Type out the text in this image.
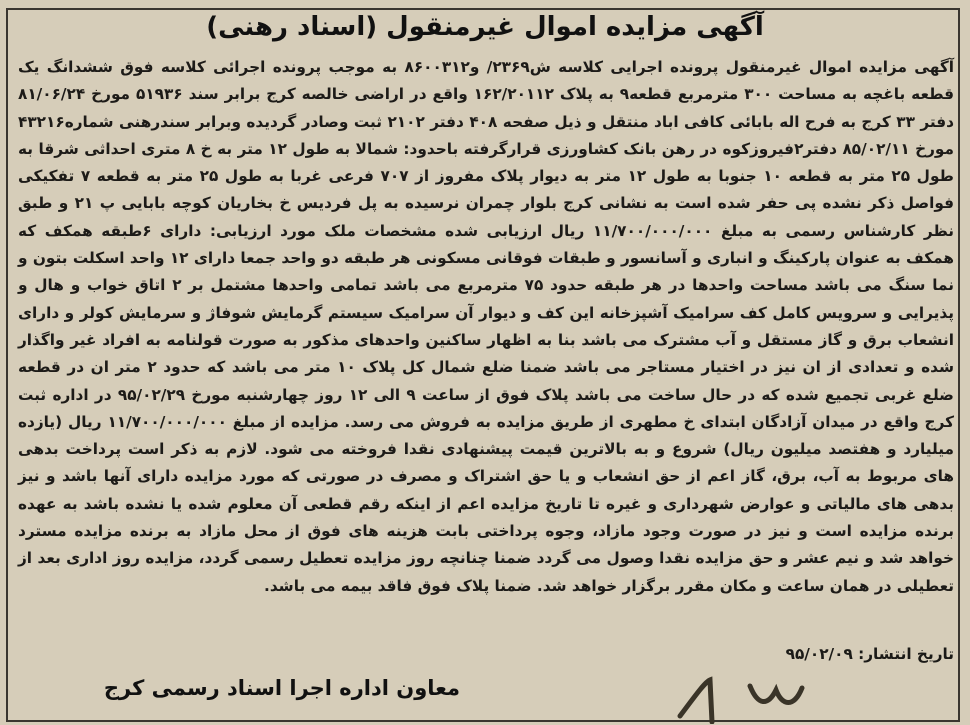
آگهی مزایده اموال غیرمنقول (اسناد رهنی)

آگهی مزایده اموال غیرمنقول پرونده اجرایی کلاسه ش۲۳۶۹/ و۸۶۰۰۳۱۲ به موجب پرونده اجرائی کلاسه فوق ششدانگ یک قطعه باغچه به مساحت ۳۰۰ مترمربع قطعه۹ به پلاک ۱۶۲/۲۰۱۱۲ واقع در اراضی خالصه کرج برابر سند ۵۱۹۳۶ مورخ ۸۱/۰۶/۲۴ دفتر ۳۳ کرج به فرح اله بابائی کافی اباد منتقل و ذیل صفحه ۴۰۸ دفتر ۲۱۰۲ ثبت وصادر گردیده وبرابر سندرهنی شماره۴۳۲۱۶ مورخ ۸۵/۰۲/۱۱ دفتر۲فیروزکوه در رهن بانک کشاورزی قرارگرفته باحدود: شمالا به طول ۱۲ متر به خ ۸ متری احداثی شرقا به طول ۲۵ متر به قطعه ۱۰ جنوبا به طول ۱۲ متر به دیوار پلاک مفروز از ۷۰۷ فرعی غربا به طول ۲۵ متر به قطعه ۷ تفکیکی فواصل ذکر نشده پی حفر شده است به نشانی کرج بلوار چمران نرسیده به پل فردیس خ بخاریان کوچه بابایی پ ۲۱ و طبق نظر کارشناس رسمی به مبلغ ۱۱/۷۰۰/۰۰۰/۰۰۰ ریال ارزیابی شده مشخصات ملک مورد ارزیابی: دارای ۶طبقه همکف که همکف به عنوان پارکینگ و انباری و آسانسور و طبقات فوقانی مسکونی هر طبقه دو واحد جمعا دارای ۱۲ واحد اسکلت بتون و نما سنگ می باشد مساحت واحدها در هر طبقه حدود ۷۵ مترمربع می باشد تمامی واحدها مشتمل بر ۲ اتاق خواب و هال و پذیرایی و سرویس کامل کف سرامیک آشپزخانه این کف و دیوار آن سرامیک سیستم گرمایش شوفاژ و سرمایش کولر و دارای انشعاب برق و گاز مستقل و آب مشترک می باشد بنا به اظهار ساکنین واحدهای مذکور به صورت قولنامه به افراد غیر واگذار شده و تعدادی از ان نیز در اختیار مستاجر می باشد ضمنا ضلع شمال کل پلاک ۱۰ متر می باشد که حدود ۲ متر ان در قطعه ضلع غربی تجمیع شده که در حال ساخت می باشد پلاک فوق از ساعت ۹ الی ۱۲ روز چهارشنبه مورخ ۹۵/۰۲/۲۹ در اداره ثبت کرج واقع در میدان آزادگان ابتدای خ مطهری از طریق مزایده به فروش می رسد. مزایده از مبلغ ۱۱/۷۰۰/۰۰۰/۰۰۰ ریال (یازده میلیارد و هفتصد میلیون ریال) شروع و به بالاترین قیمت پیشنهادی نقدا فروخته می شود. لازم به ذکر است پرداخت بدهی های مربوط به آب، برق، گاز اعم از حق انشعاب و یا حق اشتراک و مصرف در صورتی که مورد مزایده دارای آنها باشد و نیز بدهی های مالیاتی و عوارض شهرداری و غیره تا تاریخ مزایده اعم از اینکه رقم قطعی آن معلوم شده یا نشده باشد به عهده برنده مزایده است و نیز در صورت وجود مازاد، وجوه پرداختی بابت هزینه های فوق از محل مازاد به برنده مزایده مسترد خواهد شد و نیم عشر و حق مزایده نقدا وصول می گردد ضمنا چنانچه روز مزایده تعطیل رسمی گردد، مزایده روز اداری بعد از تعطیلی در همان ساعت و مکان مقرر برگزار خواهد شد. ضمنا پلاک فوق فاقد بیمه می باشد.

تاریخ انتشار: ۹۵/۰۲/۰۹
معاون اداره اجرا اسناد رسمی کرج
